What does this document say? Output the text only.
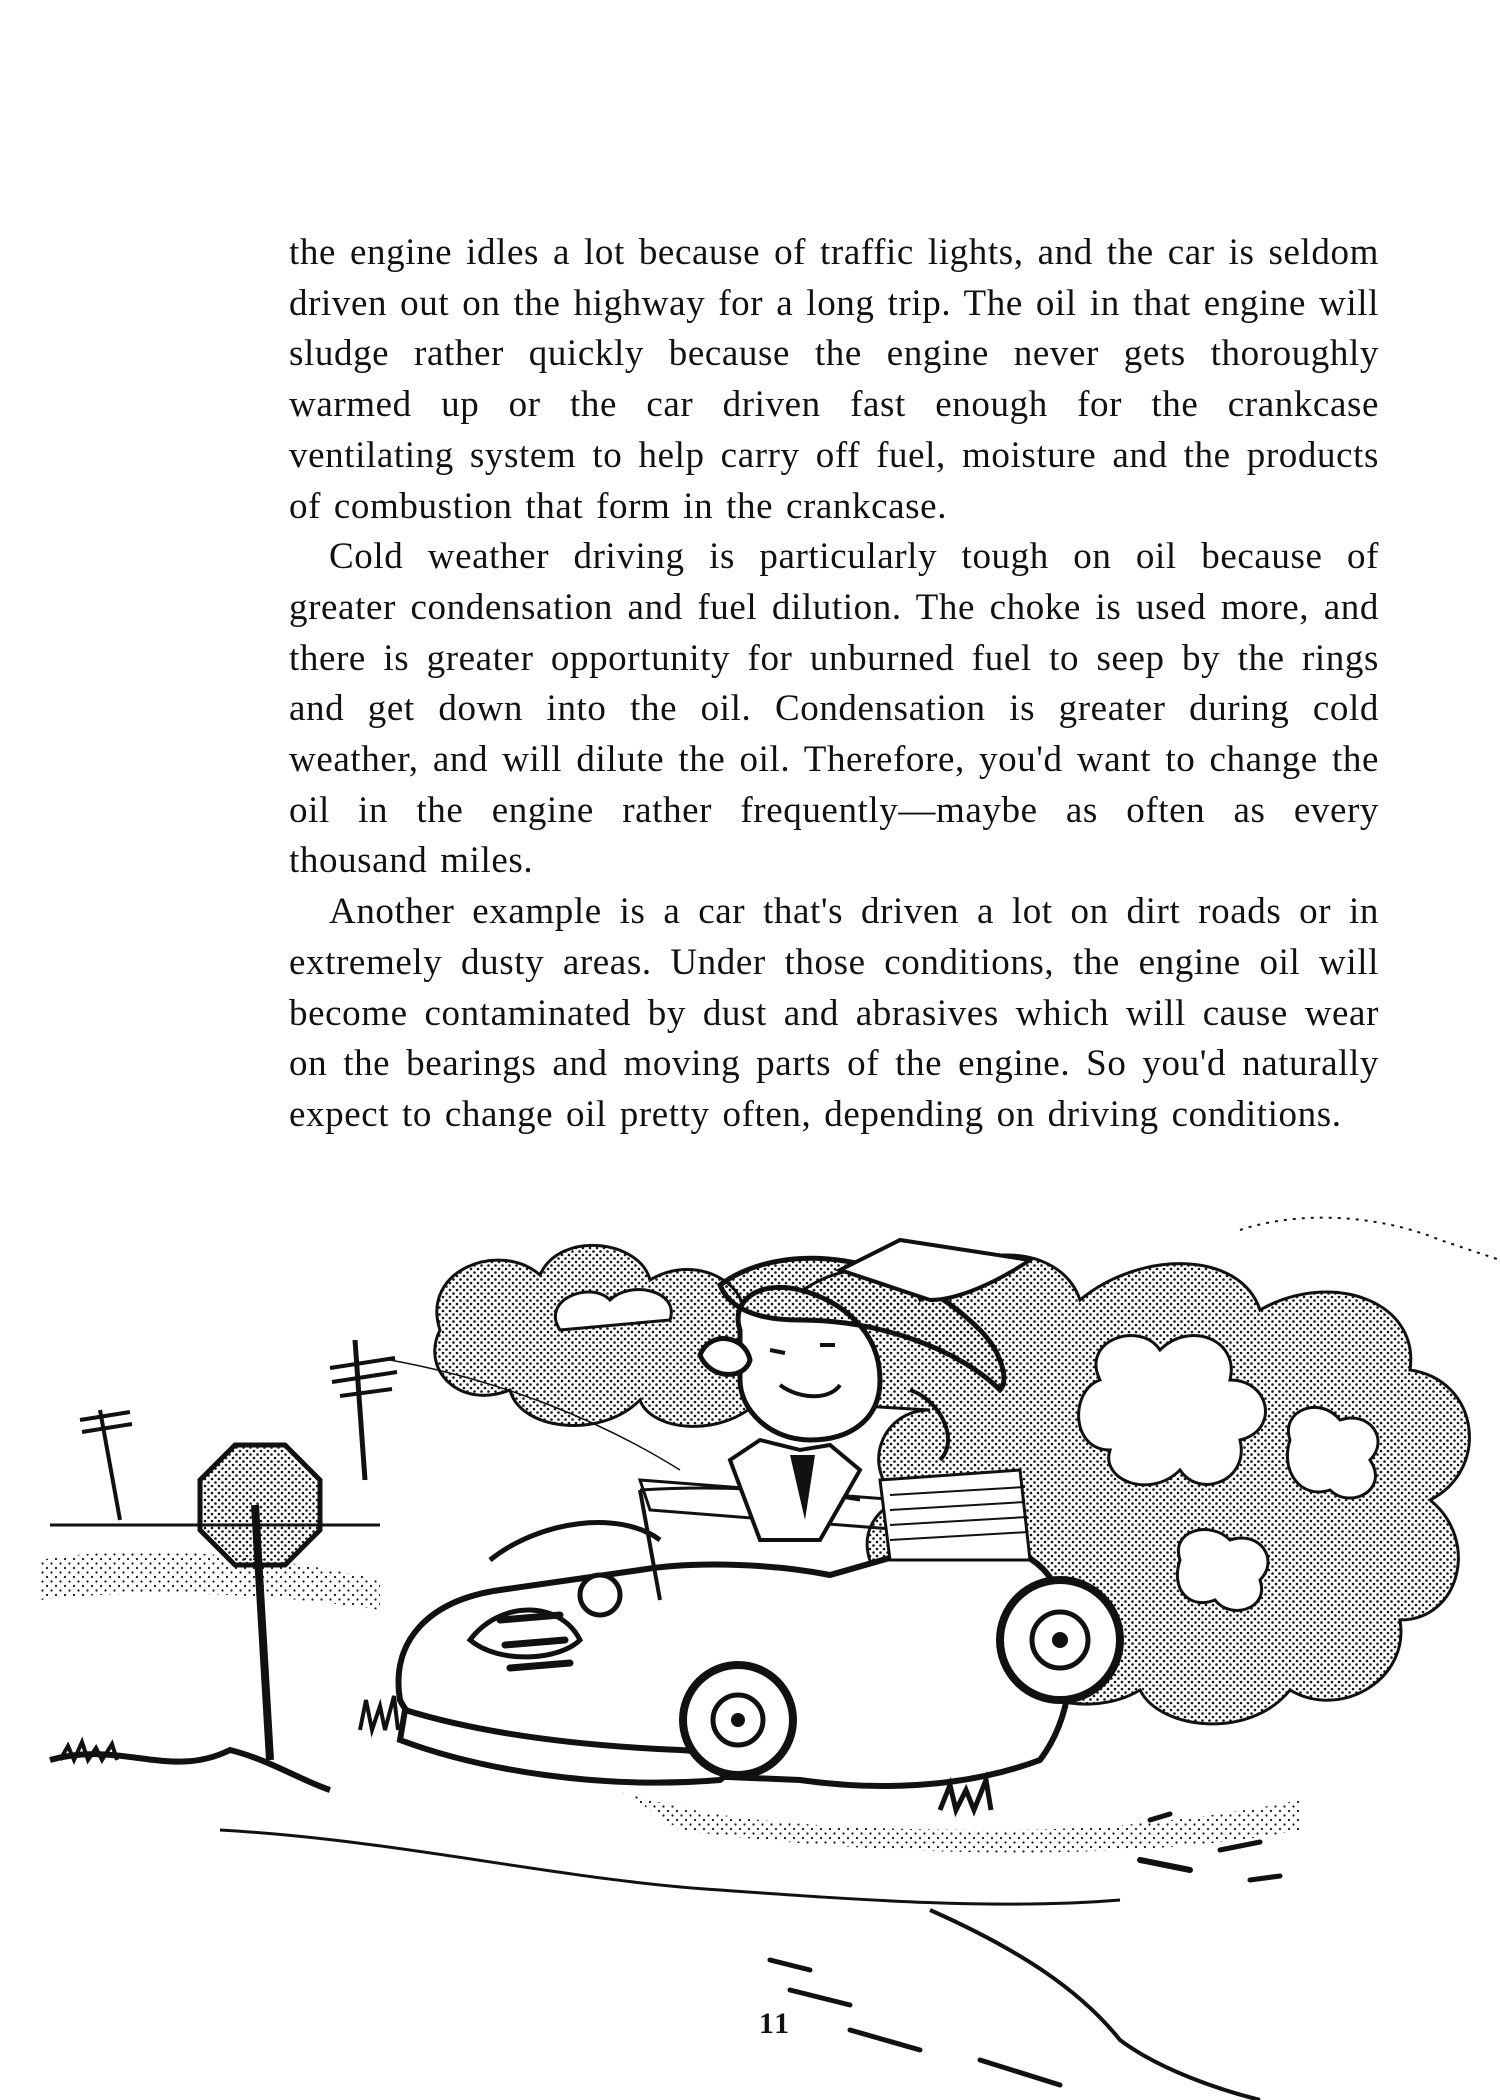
the engine idles a lot because of traffic lights, and the car is seldom driven out on the highway for a long trip. The oil in that engine will sludge rather quickly because the engine never gets thoroughly warmed up or the car driven fast enough for the crankcase ventilating system to help carry off fuel, moisture and the products of combustion that form in the crankcase.

Cold weather driving is particularly tough on oil because of greater condensation and fuel dilution. The choke is used more, and there is greater opportunity for unburned fuel to seep by the rings and get down into the oil. Condensation is greater during cold weather, and will dilute the oil. Therefore, you'd want to change the oil in the engine rather frequently—maybe as often as every thousand miles.

Another example is a car that's driven a lot on dirt roads or in extremely dusty areas. Under those conditions, the engine oil will become contaminated by dust and abrasives which will cause wear on the bearings and moving parts of the engine. So you'd naturally expect to change oil pretty often, depending on driving conditions.

11
